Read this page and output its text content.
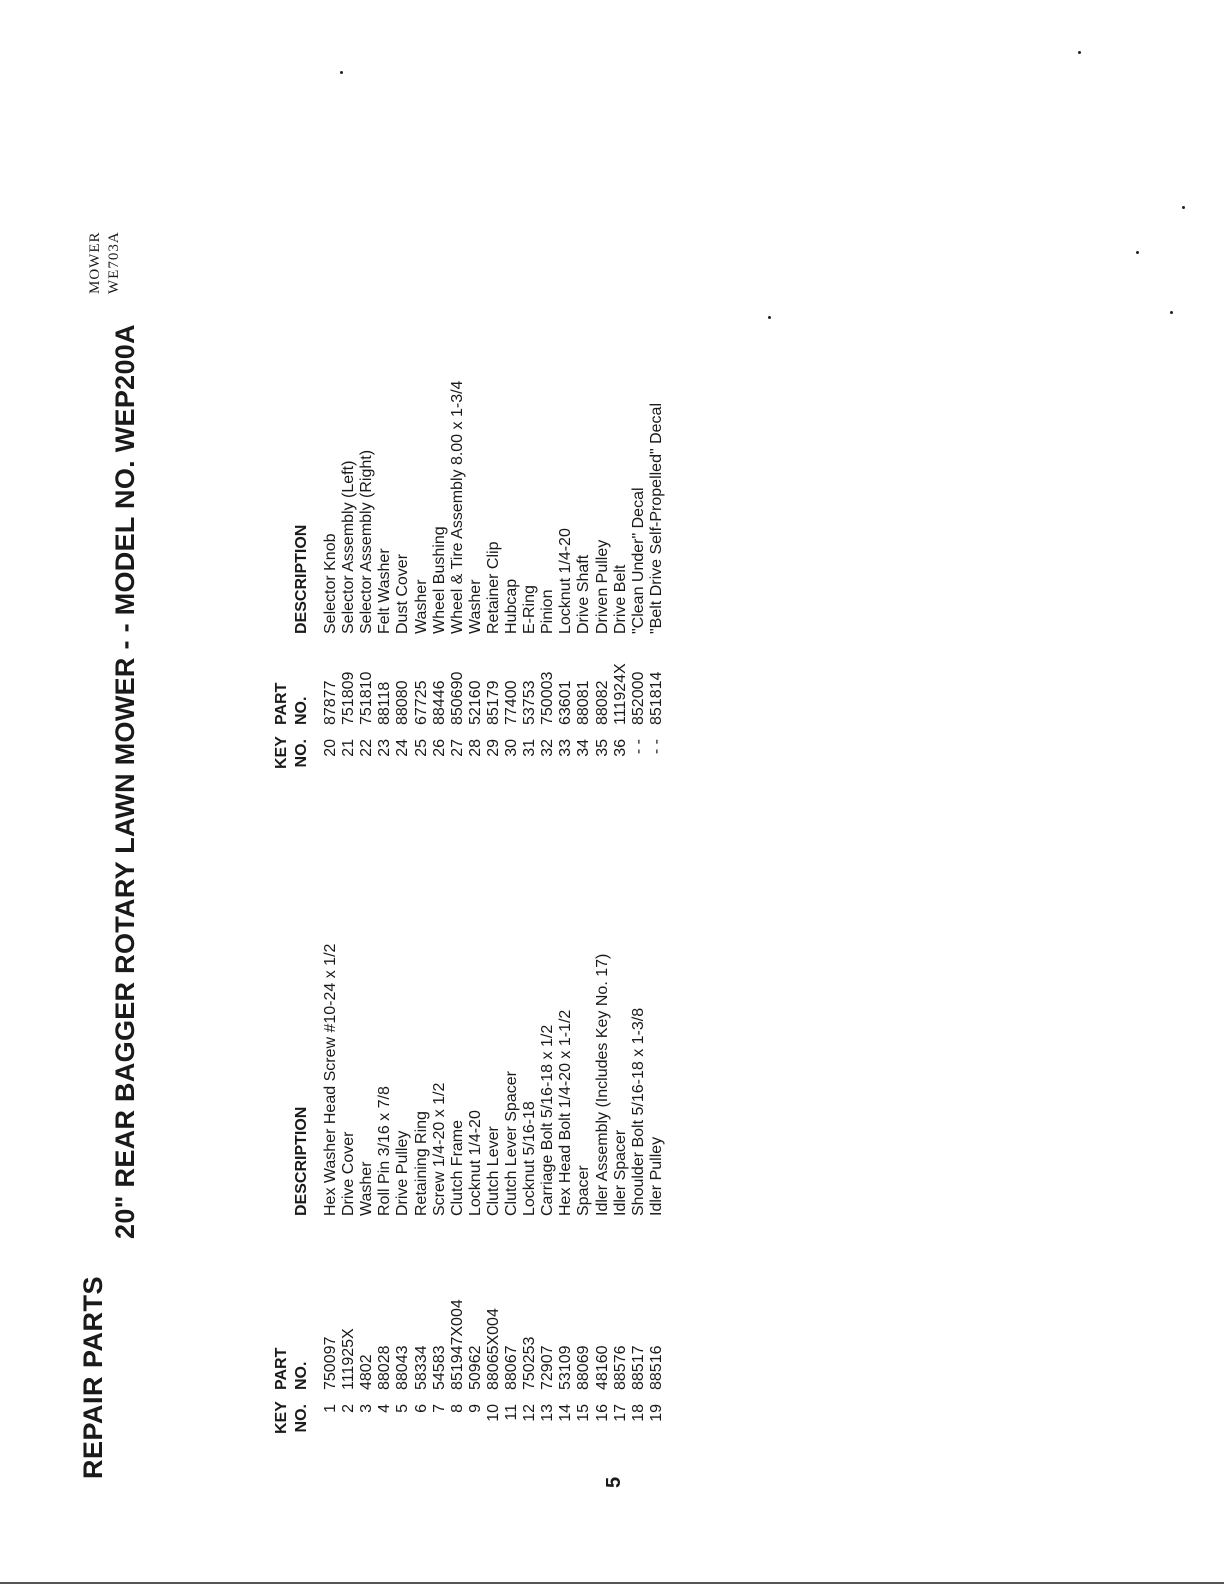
REPAIR PARTS
20" REAR BAGGER ROTARY LAWN MOWER - - MODEL NO. WEP200A
MOWER WE703A
KEY NO.
PART NO.
DESCRIPTION
1
750097
Hex Washer Head Screw #10-24 x 1/2
2
111925X
Drive Cover
3
4802
Washer
4
88028
Roll Pin 3/16 x 7/8
5
88043
Drive Pulley
6
58334
Retaining Ring
7
54583
Screw 1/4-20 x 1/2
8
851947X004
Clutch Frame
9
50962
Locknut 1/4-20
10
88065X004
Clutch Lever
11
88067
Clutch Lever Spacer
12
750253
Locknut 5/16-18
13
72907
Carriage Bolt 5/16-18 x 1/2
14
53109
Hex Head Bolt 1/4-20 x 1-1/2
15
88069
Spacer
16
48160
Idler Assembly (Includes Key No. 17)
17
88576
Idler Spacer
18
88517
Shoulder Bolt 5/16-18 x 1-3/8
19
88516
Idler Pulley
KEY NO.
PART NO.
DESCRIPTION
20
87877
Selector Knob
21
751809
Selector Assembly (Left)
22
751810
Selector Assembly (Right)
23
88118
Felt Washer
24
88080
Dust Cover
25
67725
Washer
26
88446
Wheel Bushing
27
850690
Wheel & Tire Assembly 8.00 x 1-3/4
28
52160
Washer
29
85179
Retainer Clip
30
77400
Hubcap
31
53753
E-Ring
32
750003
Pinion
33
63601
Locknut 1/4-20
34
88081
Drive Shaft
35
88082
Driven Pulley
36
111924X
Drive Belt
- -
852000
"Clean Under" Decal
- -
851814
"Belt Drive Self-Propelled" Decal
5
